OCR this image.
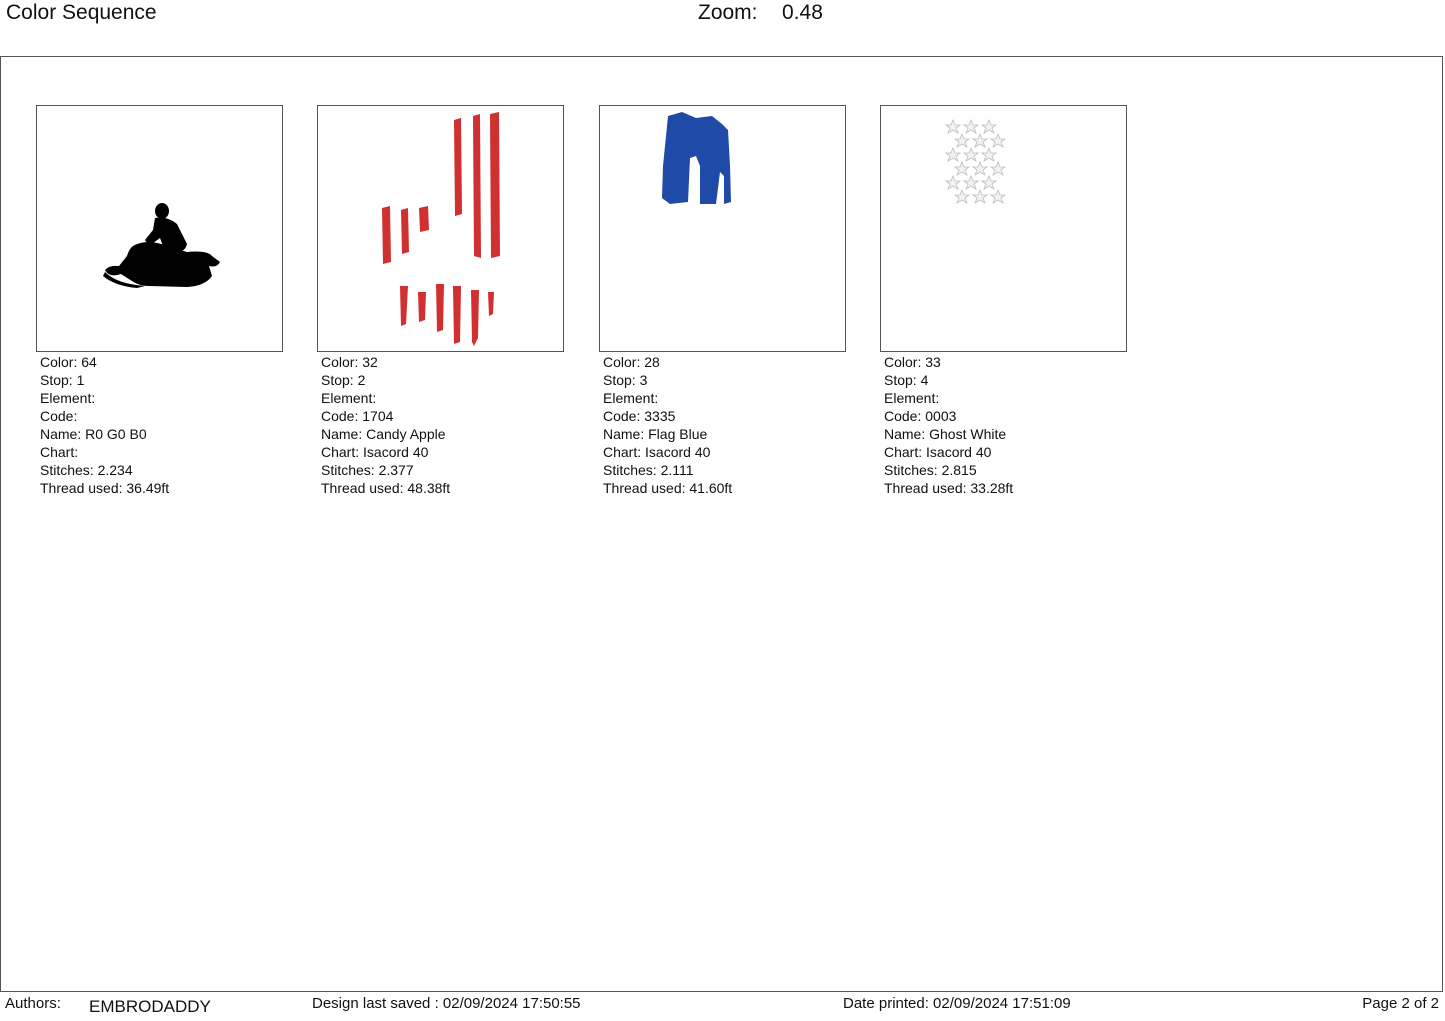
Color Sequence	Zoom: 0.48
Color: 64
Stop: 1
Element:
Code:
Name: R0 G0 B0
Chart:
Stitches: 2.234
Thread used: 36.49ft
Color: 32
Stop: 2
Element:
Code: 1704
Name: Candy Apple
Chart: Isacord 40
Stitches: 2.377
Thread used: 48.38ft
Color: 28
Stop: 3
Element:
Code: 3335
Name: Flag Blue
Chart: Isacord 40
Stitches: 2.111
Thread used: 41.60ft
Color: 33
Stop: 4
Element:
Code: 0003
Name: Ghost White
Chart: Isacord 40
Stitches: 2.815
Thread used: 33.28ft
Authors: EMBRODADDY	Design last saved : 02/09/2024 17:50:55	Date printed: 02/09/2024 17:51:09	Page 2 of 2
